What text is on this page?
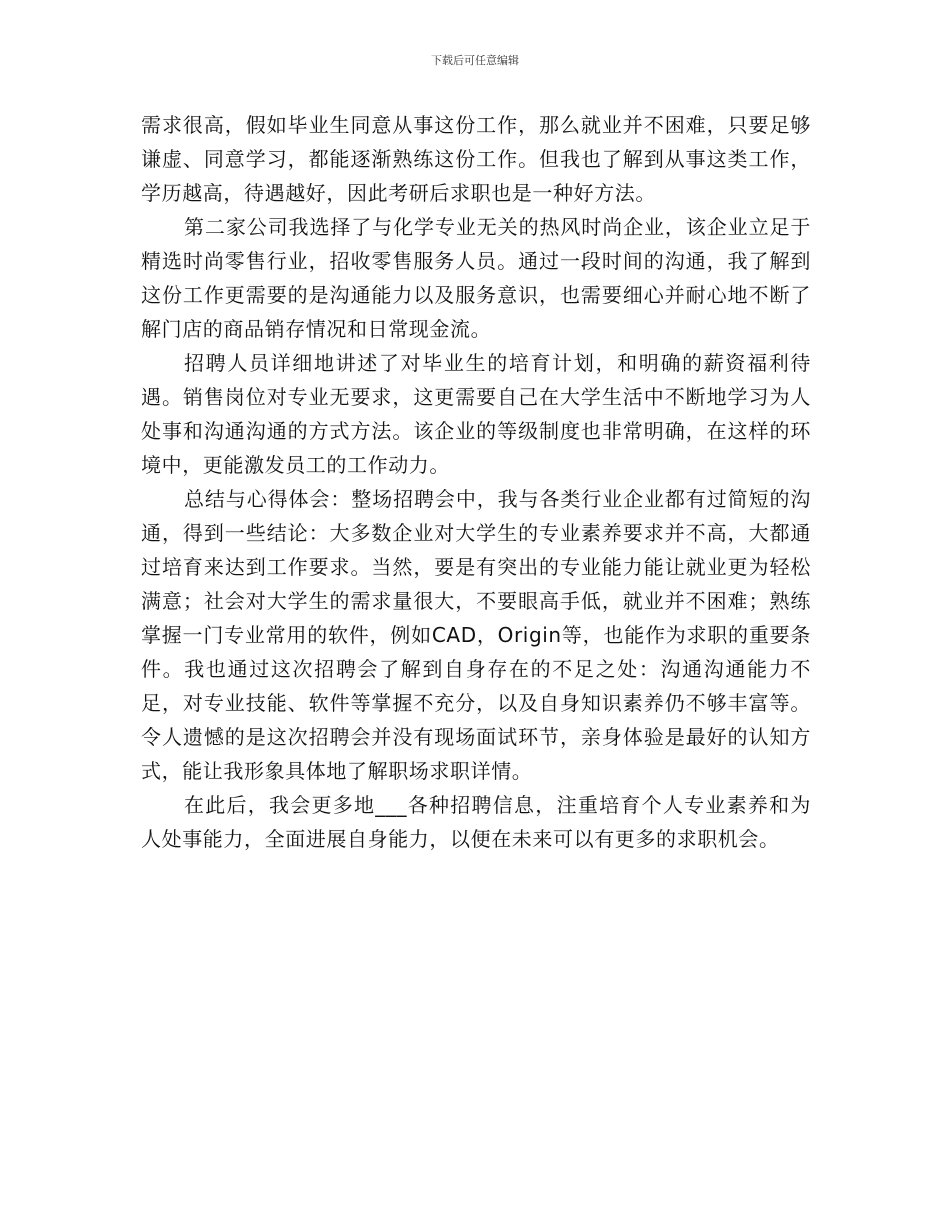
下载后可任意编辑

需求很高，假如毕业生同意从事这份工作，那么就业并不困难，只要足够谦虚、同意学习，都能逐渐熟练这份工作。但我也了解到从事这类工作，学历越高，待遇越好，因此考研后求职也是一种好方法。

第二家公司我选择了与化学专业无关的热风时尚企业，该企业立足于精选时尚零售行业，招收零售服务人员。通过一段时间的沟通，我了解到这份工作更需要的是沟通能力以及服务意识，也需要细心并耐心地不断了解门店的商品销存情况和日常现金流。

招聘人员详细地讲述了对毕业生的培育计划，和明确的薪资福利待遇。销售岗位对专业无要求，这更需要自己在大学生活中不断地学习为人处事和沟通沟通的方式方法。该企业的等级制度也非常明确，在这样的环境中，更能激发员工的工作动力。

总结与心得体会：整场招聘会中，我与各类行业企业都有过简短的沟通，得到一些结论：大多数企业对大学生的专业素养要求并不高，大都通过培育来达到工作要求。当然，要是有突出的专业能力能让就业更为轻松满意；社会对大学生的需求量很大，不要眼高手低，就业并不困难；熟练掌握一门专业常用的软件，例如CAD，Origin等，也能作为求职的重要条件。我也通过这次招聘会了解到自身存在的不足之处：沟通沟通能力不足，对专业技能、软件等掌握不充分，以及自身知识素养仍不够丰富等。令人遗憾的是这次招聘会并没有现场面试环节，亲身体验是最好的认知方式，能让我形象具体地了解职场求职详情。

在此后，我会更多地___各种招聘信息，注重培育个人专业素养和为人处事能力，全面进展自身能力，以便在未来可以有更多的求职机会。
